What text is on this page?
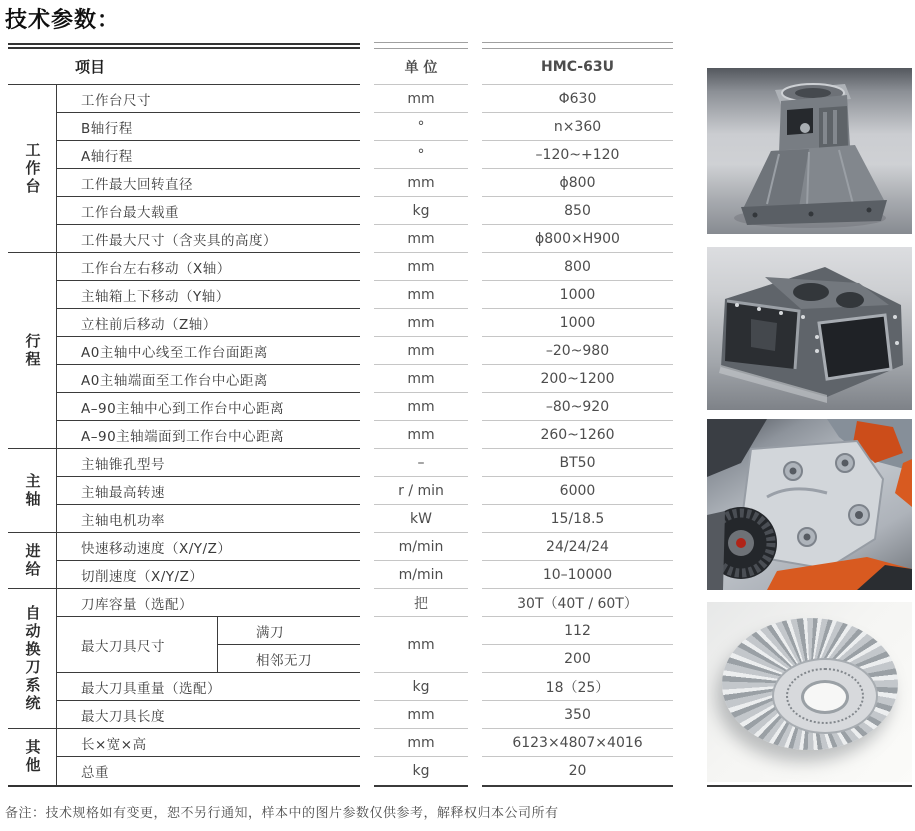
技术参数：
项目
工作台
行程
主轴
进给
自动换刀系统
其他
工作台尺寸
B轴行程
A轴行程
工件最大回转直径
工作台最大载重
工件最大尺寸（含夹具的高度）
工作台左右移动（X轴）
主轴箱上下移动（Y轴）
立柱前后移动（Z轴）
A0主轴中心线至工作台面距离
A0主轴端面至工作台中心距离
A–90主轴中心到工作台中心距离
A–90主轴端面到工作台中心距离
主轴锥孔型号
主轴最高转速
主轴电机功率
快速移动速度（X/Y/Z）
切削速度（X/Y/Z）
刀库容量（选配）
最大刀具尺寸
满刀
相邻无刀
最大刀具重量（选配）
最大刀具长度
长×宽×高
总重
单 位
mm
°
°
mm
kg
mm
mm
mm
mm
mm
mm
mm
mm
–
r / min
kW
m/min
m/min
把
mm
kg
mm
mm
kg
HMC-63U
Φ630
n×360
–120~+120
ϕ800
850
ϕ800×H900
800
1000
1000
–20~980
200~1200
–80~920
260~1260
BT50
6000
15/18.5
24/24/24
10–10000
30T（40T / 60T）
112
200
18（25）
350
6123×4807×4016
20
备注：技术规格如有变更，恕不另行通知，样本中的图片参数仅供参考，解释权归本公司所有
